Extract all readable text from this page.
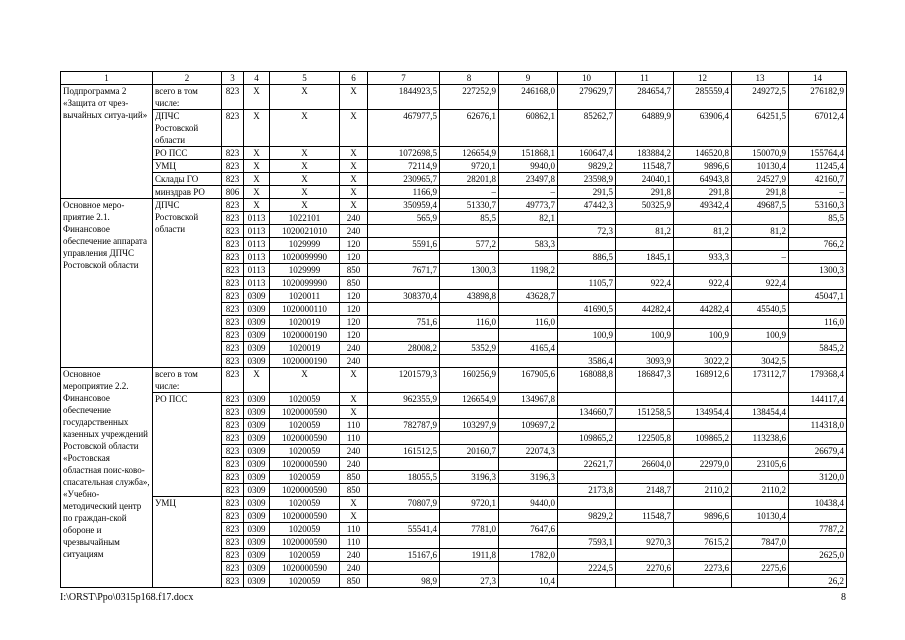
1	2	3	4	5	6	7	8	9	10	11	12	13	14
Подпрограмма 2 «Защита от чрез-вычайных ситуа-ций»	всего в том числе:	823	Х	Х	Х	1844923,5	227252,9	246168,0	279629,7	284654,7	285559,4	249272,5	276182,9
	ДПЧС Ростовской области	823	Х	Х	Х	467977,5	62676,1	60862,1	85262,7	64889,9	63906,4	64251,5	67012,4
	РО ПСС	823	Х	Х	Х	1072698,5	126654,9	151868,1	160647,4	183884,2	146520,8	150070,9	155764,4
	УМЦ	823	Х	Х	Х	72114,9	9720,1	9940,0	9829,2	11548,7	9896,6	10130,4	11245,4
	Склады ГО	823	Х	Х	Х	230965,7	28201,8	23497,8	23598,9	24040,1	64943,8	24527,9	42160,7
	минздрав РО	806	Х	Х	Х	1166,9	–	–	291,5	291,8	291,8	291,8	–
Основное меро-приятие 2.1. Финансовое обеспечение аппарата управления ДПЧС Ростовской области	ДПЧС Ростовской области	823	Х	Х	Х	350959,4	51330,7	49773,7	47442,3	50325,9	49342,4	49687,5	53160,3
		823	0113	1022101	240	565,9	85,5	82,1					85,5
		823	0113	1020021010	240				72,3	81,2	81,2	81,2	
		823	0113	1029999	120	5591,6	577,2	583,3					766,2
		823	0113	1020099990	120				886,5	1845,1	933,3	–	
		823	0113	1029999	850	7671,7	1300,3	1198,2					1300,3
		823	0113	1020099990	850				1105,7	922,4	922,4	922,4	
		823	0309	1020011	120	308370,4	43898,8	43628,7					45047,1
		823	0309	1020000110	120				41690,5	44282,4	44282,4	45540,5	
		823	0309	1020019	120	751,6	116,0	116,0					116,0
		823	0309	1020000190	120				100,9	100,9	100,9	100,9	
		823	0309	1020019	240	28008,2	5352,9	4165,4					5845,2
		823	0309	1020000190	240				3586,4	3093,9	3022,2	3042,5	
Основное мероприятие 2.2. Финансовое обеспечение государственных казенных учреждений Ростовской области «Ростовская областная поис-ково-спасательная служба», «Учебно-методический центр по граждан-ской обороне и чрезвычайным ситуациям	всего в том числе:	823	Х	Х	Х	1201579,3	160256,9	167905,6	168088,8	186847,3	168912,6	173112,7	179368,4
	РО ПСС	823	0309	1020059	Х	962355,9	126654,9	134967,8					144117,4
		823	0309	1020000590	Х				134660,7	151258,5	134954,4	138454,4	
		823	0309	1020059	110	782787,9	103297,9	109697,2					114318,0
		823	0309	1020000590	110				109865,2	122505,8	109865,2	113238,6	
		823	0309	1020059	240	161512,5	20160,7	22074,3					26679,4
		823	0309	1020000590	240				22621,7	26604,0	22979,0	23105,6	
		823	0309	1020059	850	18055,5	3196,3	3196,3					3120,0
		823	0309	1020000590	850				2173,8	2148,7	2110,2	2110,2	
	УМЦ	823	0309	1020059	Х	70807,9	9720,1	9440,0					10438,4
		823	0309	1020000590	Х				9829,2	11548,7	9896,6	10130,4	
		823	0309	1020059	110	55541,4	7781,0	7647,6					7787,2
		823	0309	1020000590	110				7593,1	9270,3	7615,2	7847,0	
		823	0309	1020059	240	15167,6	1911,8	1782,0					2625,0
		823	0309	1020000590	240				2224,5	2270,6	2273,6	2275,6	
		823	0309	1020059	850	98,9	27,3	10,4					26,2
I:\ORST\Ppo\0315p168.f17.docx	8
